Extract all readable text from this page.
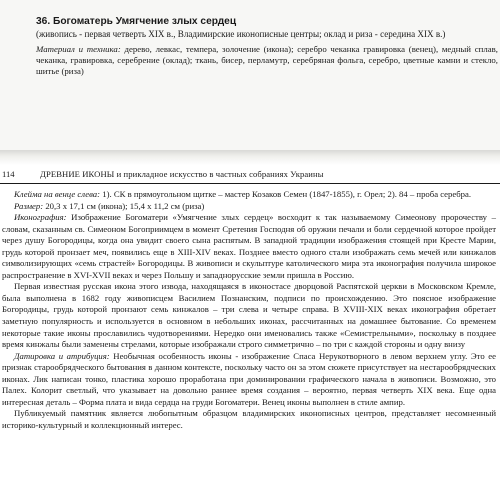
36. Богоматерь Умягчение злых сердец
(живопись - первая четверть XIX в., Владимирские иконописные центры; оклад и риза - середина XIX в.)
Материал и техника: дерево, левкас, темпера, золочение (икона); серебро чеканка гравировка (венец), медный сплав, чеканка, гравировка, серебрение (оклад); ткань, бисер, перламутр, серебряная фольга, серебро, цветные камни и стекло, шитье (риза)
114	ДРЕВНИЕ ИКОНЫ и прикладное искусство в частных собраниях Украины

Клейма на венце слева: 1). СК в прямоугольном щитке – мастер Козаков Семен (1847-1855), г. Орел; 2). 84 – проба серебра.

Размер: 20,3 х 17,1 см (икона); 15,4 х 11,2 см (риза)

Иконография: Изображение Богоматери «Умягчение злых сердец» восходит к так называемому Симеонову пророчеству – словам, сказанным св. Симеоном Богоприимцем в момент Сретения Господня об оружии печали и боли сердечной которое пройдет через душу Богородицы, когда она увидит своего сына распятым. В западной традиции изображения стоящей при Кресте Марии, грудь которой пронзает меч, появились еще в XIII-XIV веках. Позднее вместо одного стали изображать семь мечей или кинжалов символизирующих «семь страстей» Богородицы. В живописи и скульптуре католического мира эта иконография получила широкое распространение в XVI-XVII веках и через Польшу и западнорусские земли пришла в Россию.

Первая известная русская икона этого извода, находящаяся в иконостасе дворцовой Распятской церкви в Московском Кремле, была выполнена в 1682 году живописцем Василием Познанским, подписи по происхождению. Это поясное изображение Богородицы, грудь которой пронзают семь кинжалов – три слева и четыре справа. В XVIII-XIX веках иконография обретает заметную популярность и используется в основном в небольших иконах, рассчитанных на домашнее бытование. Со временем некоторые такие иконы прославились чудотворениями. Нередко они именовались также «Семистрельными», поскольку в позднее время кинжалы были заменены стрелами, которые изображали строго симметрично – по три с каждой стороны и одну внизу

Датировка и атрибуция: Необычная особенность иконы - изображение Спаса Нерукотворного в левом верхнем углу. Это ее признак старообрядческого бытования в данном контексте, поскольку часто он за этом сюжете присутствует на нестарообрядческих иконах. Лик написан тонко, пластика хорошо проработана при доминировании графического начала в живописи. Возможно, это Палех. Колорит светлый, что указывает на довольно раннее время создания – вероятно, первая четверть XIX века. Еще одна интересная деталь – Форма плата и вида сердца на груди Богоматери. Венец иконы выполнен в стиле ампир.

Публикуемый памятник является любопытным образцом владимирских иконописных центров, представляет несомненный историко-культурный и коллекционный интерес.
